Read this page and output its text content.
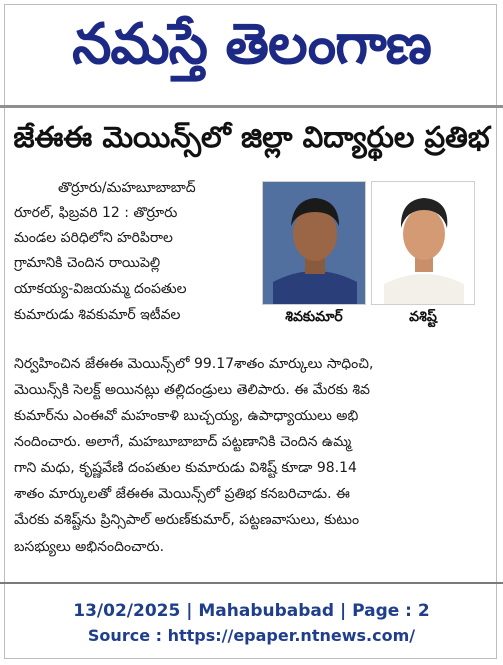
నమస్తే తెలంగాణ
జేఈఈ మెయిన్స్‌లో జిల్లా విద్యార్థుల ప్రతిభ
శివకుమార్	వశిష్ట్
తొర్రూరు/మహబూబాబాద్
రూరల్, ఫిబ్రవరి 12 : తొర్రూరు
మండల పరిధిలోని హరిపిరాల
గ్రామానికి చెందిన రాయిపెల్లి
యాకయ్య-విజయమ్మ దంపతుల
కుమారుడు శివకుమార్ ఇటీవల
నిర్వహించిన జేఈఈ మెయిన్స్‌లో 99.17శాతం మార్కులు సాధించి,
మెయిన్స్‌కి సెలక్ట్ అయినట్లు తల్లిదండ్రులు తెలిపారు. ఈ మేరకు శివ
కుమార్‌ను ఎంఈవో మహంకాళి బుచ్చయ్య, ఉపాధ్యాయులు అభి
నందించారు. అలాగే, మహబూబాబాద్ పట్టణానికి చెందిన ఉమ్మ
గాని మధు, కృష్ణవేణి దంపతుల కుమారుడు విశిష్ట్ కూడా 98.14
శాతం మార్కులతో జేఈఈ మెయిన్స్‌లో ప్రతిభ కనబరిచాడు. ఈ
మేరకు వశిష్ట్‌ను ప్రిన్సిపాల్ అరుణ్‌కుమార్, పట్టణవాసులు, కుటుం
బసభ్యులు అభినందించారు.
13/02/2025 | Mahabubabad | Page : 2
Source : https://epaper.ntnews.com/
